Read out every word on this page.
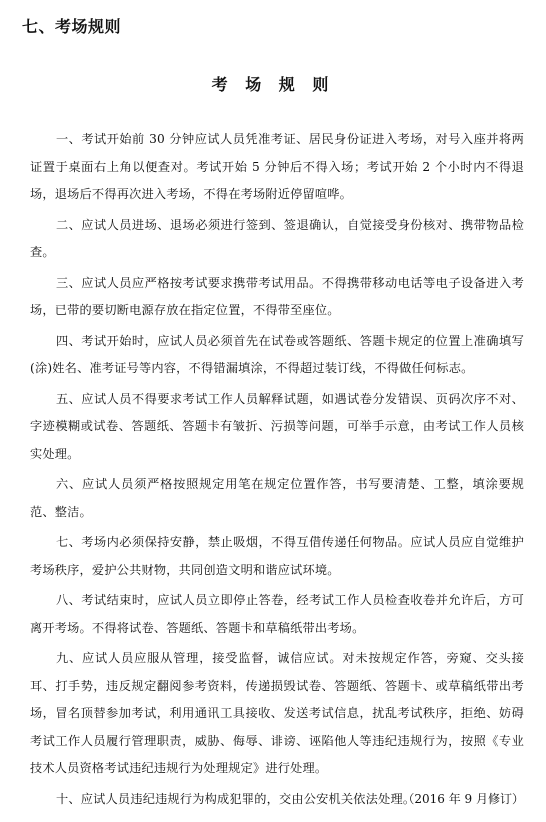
七、考场规则
考 场 规 则
一、考试开始前 30 分钟应试人员凭准考证、居民身份证进入考场，对号入座并将两证置于桌面右上角以便查对。考试开始 5 分钟后不得入场；考试开始 2 个小时内不得退场，退场后不得再次进入考场，不得在考场附近停留喧哗。
二、应试人员进场、退场必须进行签到、签退确认，自觉接受身份核对、携带物品检查。
三、应试人员应严格按考试要求携带考试用品。不得携带移动电话等电子设备进入考场，已带的要切断电源存放在指定位置，不得带至座位。
四、考试开始时，应试人员必须首先在试卷或答题纸、答题卡规定的位置上准确填写(涂)姓名、准考证号等内容，不得错漏填涂，不得超过装订线，不得做任何标志。
五、应试人员不得要求考试工作人员解释试题，如遇试卷分发错误、页码次序不对、字迹模糊或试卷、答题纸、答题卡有皱折、污损等问题，可举手示意，由考试工作人员核实处理。
六、应试人员须严格按照规定用笔在规定位置作答，书写要清楚、工整，填涂要规范、整洁。
七、考场内必须保持安静，禁止吸烟，不得互借传递任何物品。应试人员应自觉维护考场秩序，爱护公共财物，共同创造文明和谐应试环境。
八、考试结束时，应试人员立即停止答卷，经考试工作人员检查收卷并允许后，方可离开考场。不得将试卷、答题纸、答题卡和草稿纸带出考场。
九、应试人员应服从管理，接受监督，诚信应试。对未按规定作答，旁窥、交头接耳、打手势，违反规定翻阅参考资料，传递损毁试卷、答题纸、答题卡、或草稿纸带出考场，冒名顶替参加考试，利用通讯工具接收、发送考试信息，扰乱考试秩序，拒绝、妨碍考试工作人员履行管理职责，威胁、侮辱、诽谤、诬陷他人等违纪违规行为，按照《专业技术人员资格考试违纪违规行为处理规定》进行处理。
十、应试人员违纪违规行为构成犯罪的，交由公安机关依法处理。

（2016 年 9 月修订）
